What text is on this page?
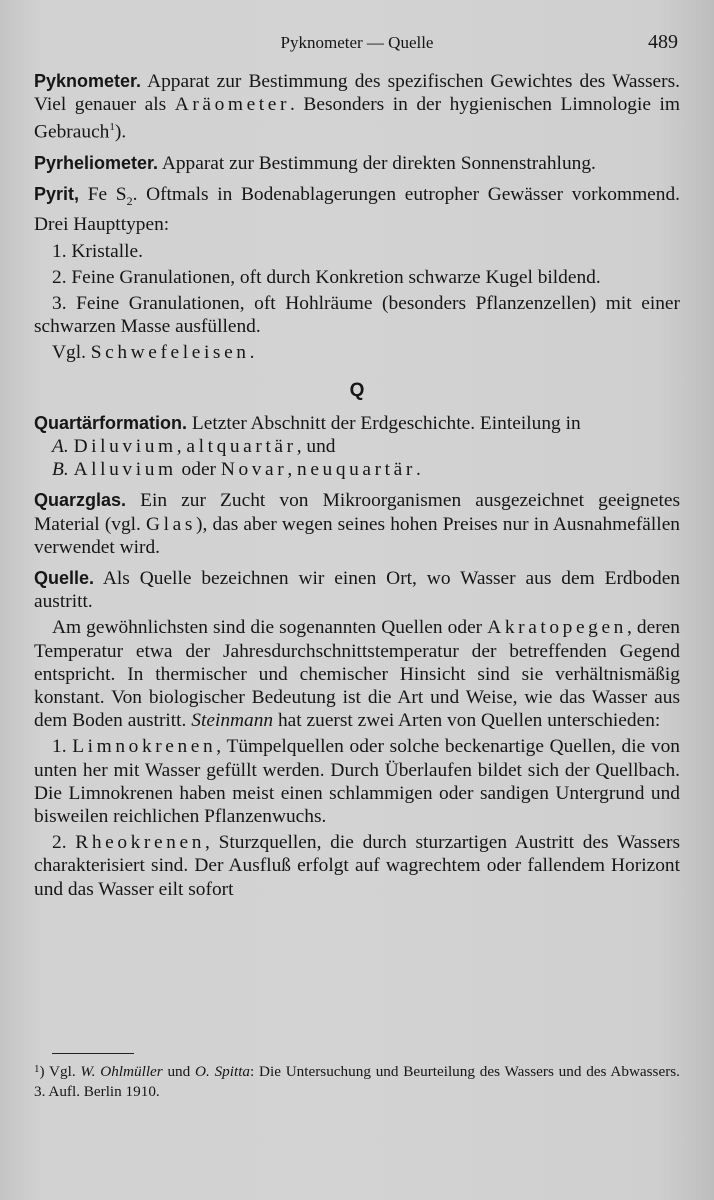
Pyknometer — Quelle	489

Pyknometer. Apparat zur Bestimmung des spezifischen Gewichtes des Wassers. Viel genauer als Aräometer. Besonders in der hygienischen Limnologie im Gebrauch$^1$).

Pyrheliometer. Apparat zur Bestimmung der direkten Sonnenstrahlung.

Pyrit, Fe $S_2$. Oftmals in Bodenablagerungen eutropher Gewässer vorkommend. Drei Haupttypen:

1. Kristalle.

2. Feine Granulationen, oft durch Konkretion schwarze Kugel bildend.

3. Feine Granulationen, oft Hohlräume (besonders Pflanzenzellen) mit einer schwarzen Masse ausfüllend.

Vgl. Schwefeleisen.

Q

Quartärformation. Letzter Abschnitt der Erdgeschichte. Einteilung in

A. Diluvium, altquartär, und

B. Alluvium oder Novar, neuquartär.

Quarzglas. Ein zur Zucht von Mikroorganismen ausgezeichnet geeignetes Material (vgl. Glas), das aber wegen seines hohen Preises nur in Ausnahmefällen verwendet wird.

Quelle. Als Quelle bezeichnen wir einen Ort, wo Wasser aus dem Erdboden austritt.

Am gewöhnlichsten sind die sogenannten Quellen oder Akratopegen, deren Temperatur etwa der Jahresdurchschnittstemperatur der betreffenden Gegend entspricht. In thermischer und chemischer Hinsicht sind sie verhältnismäßig konstant. Von biologischer Bedeutung ist die Art und Weise, wie das Wasser aus dem Boden austritt. Steinmann hat zuerst zwei Arten von Quellen unterschieden:

1. Limnokrenen, Tümpelquellen oder solche beckenartige Quellen, die von unten her mit Wasser gefüllt werden. Durch Überlaufen bildet sich der Quellbach. Die Limnokrenen haben meist einen schlammigen oder sandigen Untergrund und bisweilen reichlichen Pflanzenwuchs.

2. Rheokrenen, Sturzquellen, die durch sturzartigen Austritt des Wassers charakterisiert sind. Der Ausfluß erfolgt auf wagrechtem oder fallendem Horizont und das Wasser eilt sofort

$^1$) Vgl. W. Ohlmüller und O. Spitta: Die Untersuchung und Beurteilung des Wassers und des Abwassers. 3. Aufl. Berlin 1910.
